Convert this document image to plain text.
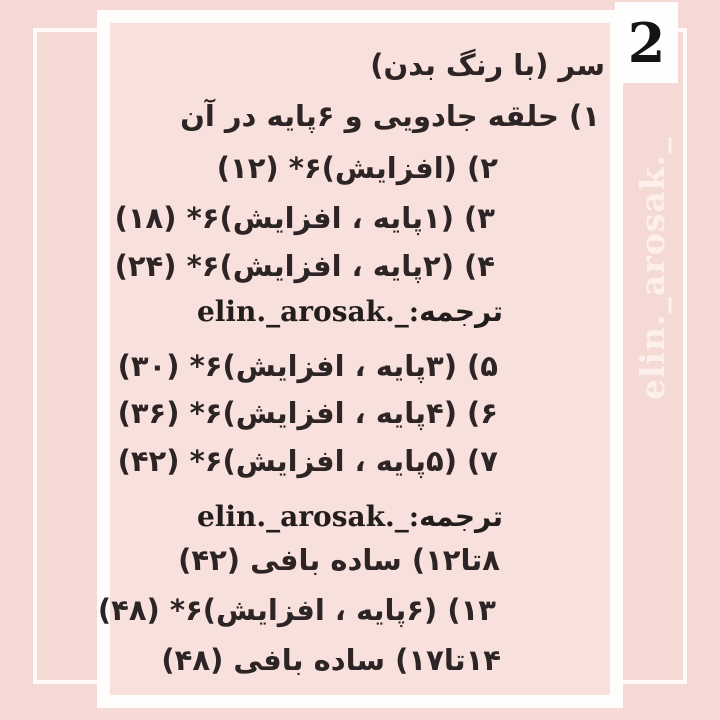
2
elin._arosak._
سر (با رنگ بدن)
۱) حلقه جادویی و ۶پایه در آن
۲) (افزایش)۶* (۱۲)
۳) (۱پایه ، افزایش)۶* (۱۸)
۴) (۲پایه ، افزایش)۶* (۲۴)
elin._arosak._:ترجمه
۵) (۳پایه ، افزایش)۶* (۳۰)
۶) (۴پایه ، افزایش)۶* (۳۶)
۷) (۵پایه ، افزایش)۶* (۴۲)
elin._arosak._:ترجمه
۸تا۱۲) ساده بافی (۴۲)
۱۳) (۶پایه ، افزایش)۶* (۴۸)
۱۴تا۱۷) ساده بافی (۴۸)
